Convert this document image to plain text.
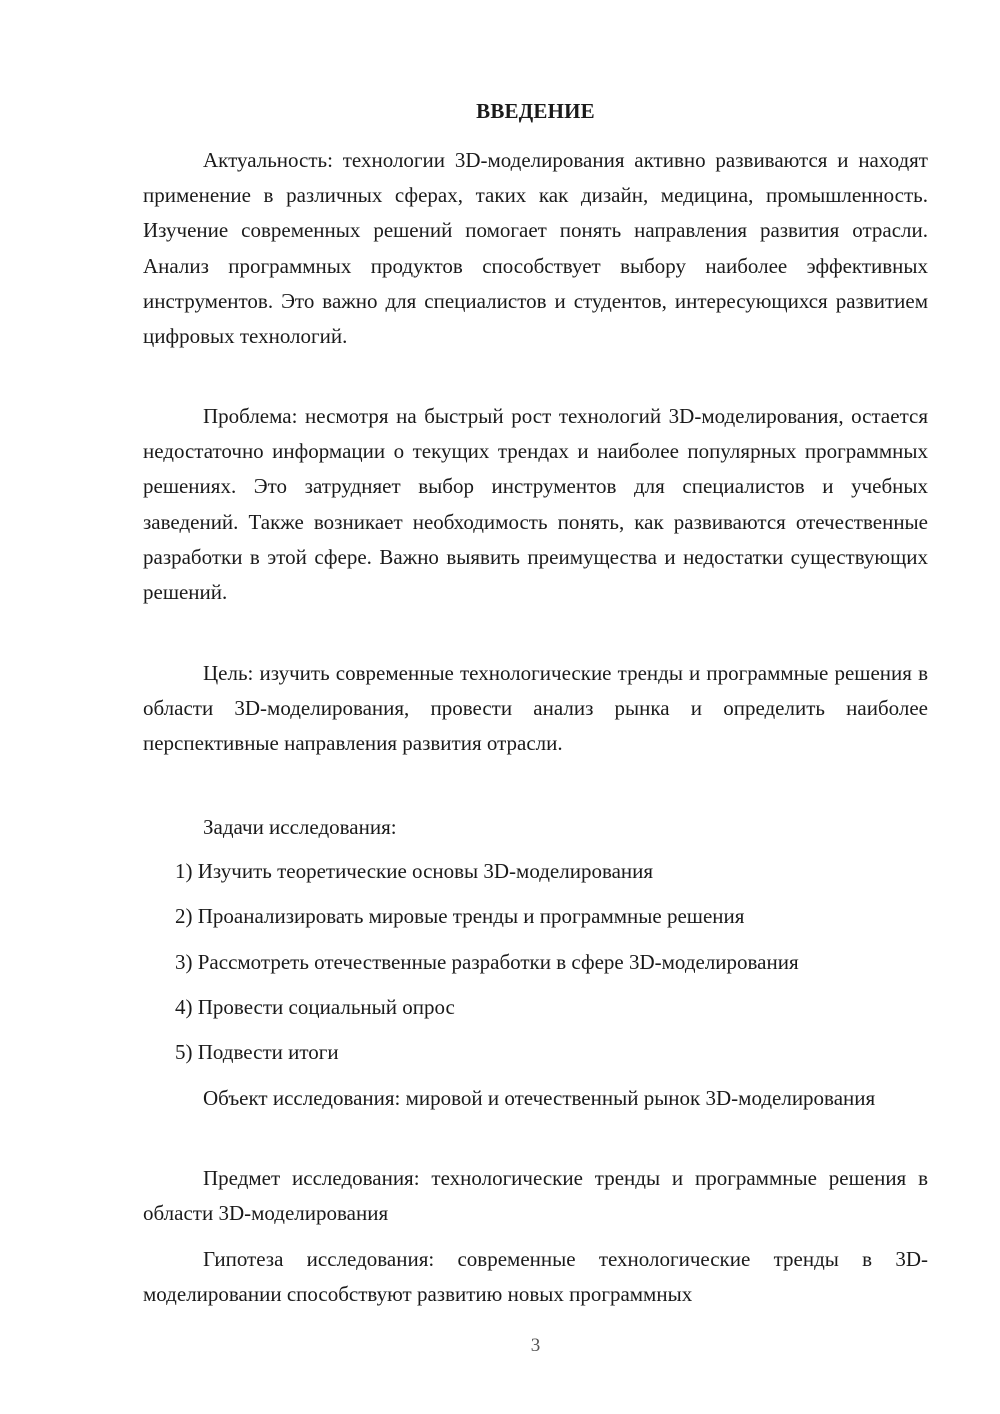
ВВЕДЕНИЕ

Актуальность: технологии 3D-моделирования активно развиваются и находят применение в различных сферах, таких как дизайн, медицина, промышленность. Изучение современных решений помогает понять направления развития отрасли. Анализ программных продуктов способствует выбору наиболее эффективных инструментов. Это важно для специалистов и студентов, интересующихся развитием цифровых технологий.

Проблема: несмотря на быстрый рост технологий 3D-моделирования, остается недостаточно информации о текущих трендах и наиболее популярных программных решениях. Это затрудняет выбор инструментов для специалистов и учебных заведений. Также возникает необходимость понять, как развиваются отечественные разработки в этой сфере. Важно выявить преимущества и недостатки существующих решений.

Цель: изучить современные технологические тренды и программные решения в области 3D-моделирования, провести анализ рынка и определить наиболее перспективные направления развития отрасли.

Задачи исследования:

1) Изучить теоретические основы 3D-моделирования

2) Проанализировать мировые тренды и программные решения

3) Рассмотреть отечественные разработки в сфере 3D-моделирования

4) Провести социальный опрос

5) Подвести итоги

Объект исследования: мировой и отечественный рынок 3D-моделирования

Предмет исследования: технологические тренды и программные решения в области 3D-моделирования

Гипотеза исследования: современные технологические тренды в 3D-моделировании способствуют развитию новых программных

3
